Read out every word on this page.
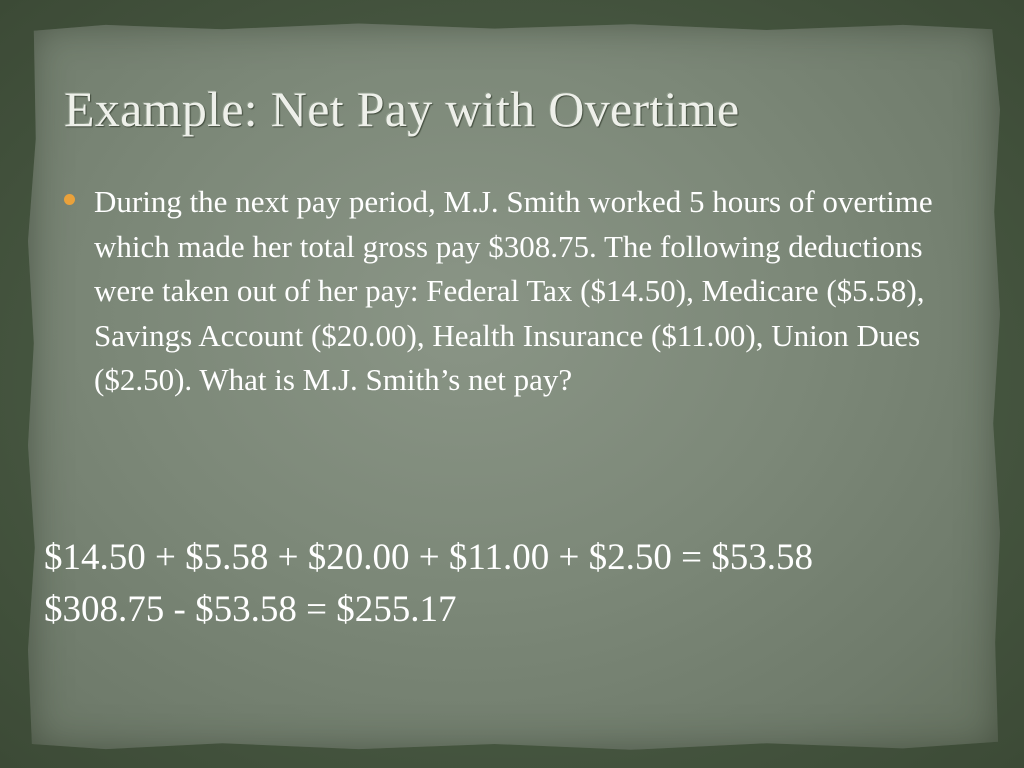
Example: Net Pay with Overtime

During the next pay period, M.J. Smith worked 5 hours of overtime which made her total gross pay $308.75. The following deductions were taken out of her pay: Federal Tax ($14.50), Medicare ($5.58), Savings Account ($20.00), Health Insurance ($11.00), Union Dues ($2.50). What is M.J. Smith’s net pay?

$14.50 + $5.58 + $20.00 + $11.00 + $2.50 = $53.58
$308.75 - $53.58 = $255.17
